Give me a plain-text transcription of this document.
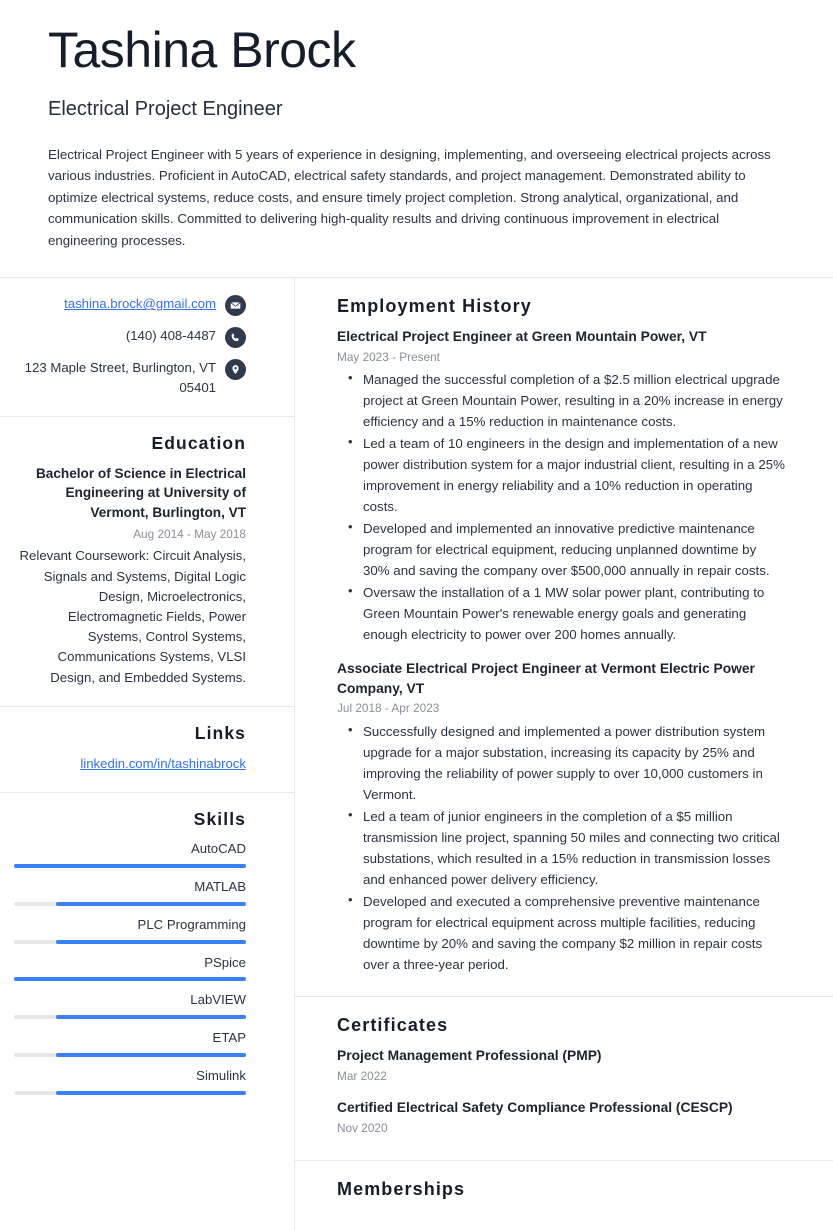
Tashina Brock
Electrical Project Engineer

Electrical Project Engineer with 5 years of experience in designing, implementing, and overseeing electrical projects across various industries. Proficient in AutoCAD, electrical safety standards, and project management. Demonstrated ability to optimize electrical systems, reduce costs, and ensure timely project completion. Strong analytical, organizational, and communication skills. Committed to delivering high-quality results and driving continuous improvement in electrical engineering processes.

tashina.brock@gmail.com
(140) 408-4487
123 Maple Street, Burlington, VT 05401
Education
Bachelor of Science in Electrical Engineering at University of Vermont, Burlington, VT
Aug 2014 - May 2018
Relevant Coursework: Circuit Analysis, Signals and Systems, Digital Logic Design, Microelectronics, Electromagnetic Fields, Power Systems, Control Systems, Communications Systems, VLSI Design, and Embedded Systems.
Links
linkedin.com/in/tashinabrock
Skills
AutoCAD
MATLAB
PLC Programming
PSpice
LabVIEW
ETAP
Simulink
Employment History
Electrical Project Engineer at Green Mountain Power, VT
May 2023 - Present
• Managed the successful completion of a $2.5 million electrical upgrade project at Green Mountain Power, resulting in a 20% increase in energy efficiency and a 15% reduction in maintenance costs.
• Led a team of 10 engineers in the design and implementation of a new power distribution system for a major industrial client, resulting in a 25% improvement in energy reliability and a 10% reduction in operating costs.
• Developed and implemented an innovative predictive maintenance program for electrical equipment, reducing unplanned downtime by 30% and saving the company over $500,000 annually in repair costs.
• Oversaw the installation of a 1 MW solar power plant, contributing to Green Mountain Power's renewable energy goals and generating enough electricity to power over 200 homes annually.
Associate Electrical Project Engineer at Vermont Electric Power Company, VT
Jul 2018 - Apr 2023
• Successfully designed and implemented a power distribution system upgrade for a major substation, increasing its capacity by 25% and improving the reliability of power supply to over 10,000 customers in Vermont.
• Led a team of junior engineers in the completion of a $5 million transmission line project, spanning 50 miles and connecting two critical substations, which resulted in a 15% reduction in transmission losses and enhanced power delivery efficiency.
• Developed and executed a comprehensive preventive maintenance program for electrical equipment across multiple facilities, reducing downtime by 20% and saving the company $2 million in repair costs over a three-year period.
Certificates
Project Management Professional (PMP)
Mar 2022
Certified Electrical Safety Compliance Professional (CESCP)
Nov 2020
Memberships
